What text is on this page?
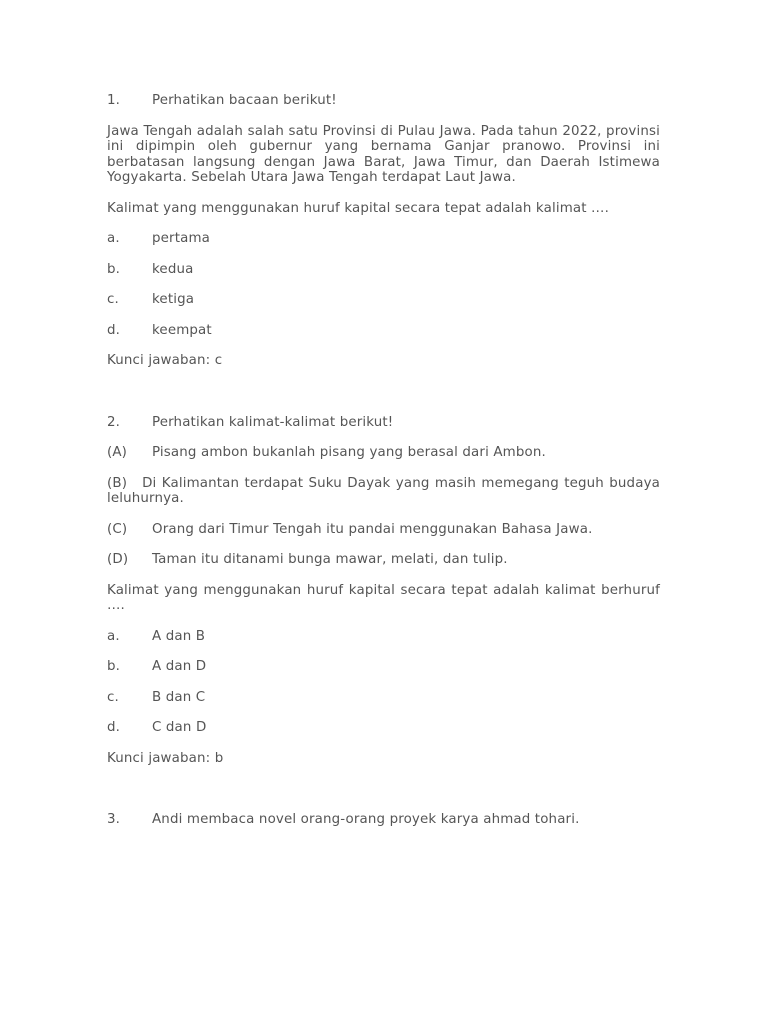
1.	Perhatikan bacaan berikut!

Jawa Tengah adalah salah satu Provinsi di Pulau Jawa. Pada tahun 2022, provinsi ini dipimpin oleh gubernur yang bernama Ganjar pranowo. Provinsi ini berbatasan langsung dengan Jawa Barat, Jawa Timur, dan Daerah Istimewa Yogyakarta. Sebelah Utara Jawa Tengah terdapat Laut Jawa.

Kalimat yang menggunakan huruf kapital secara tepat adalah kalimat ….

a.	pertama
b.	kedua
c.	ketiga
d.	keempat

Kunci jawaban: c

2.	Perhatikan kalimat-kalimat berikut!
(A)	Pisang ambon bukanlah pisang yang berasal dari Ambon.

(B) Di Kalimantan terdapat Suku Dayak yang masih memegang teguh budaya leluhurnya.

(C)	Orang dari Timur Tengah itu pandai menggunakan Bahasa Jawa.
(D)	Taman itu ditanami bunga mawar, melati, dan tulip.

Kalimat yang menggunakan huruf kapital secara tepat adalah kalimat berhuruf ….

a.	A dan B
b.	A dan D
c.	B dan C
d.	C dan D

Kunci jawaban: b

3.	Andi membaca novel orang-orang proyek karya ahmad tohari.
